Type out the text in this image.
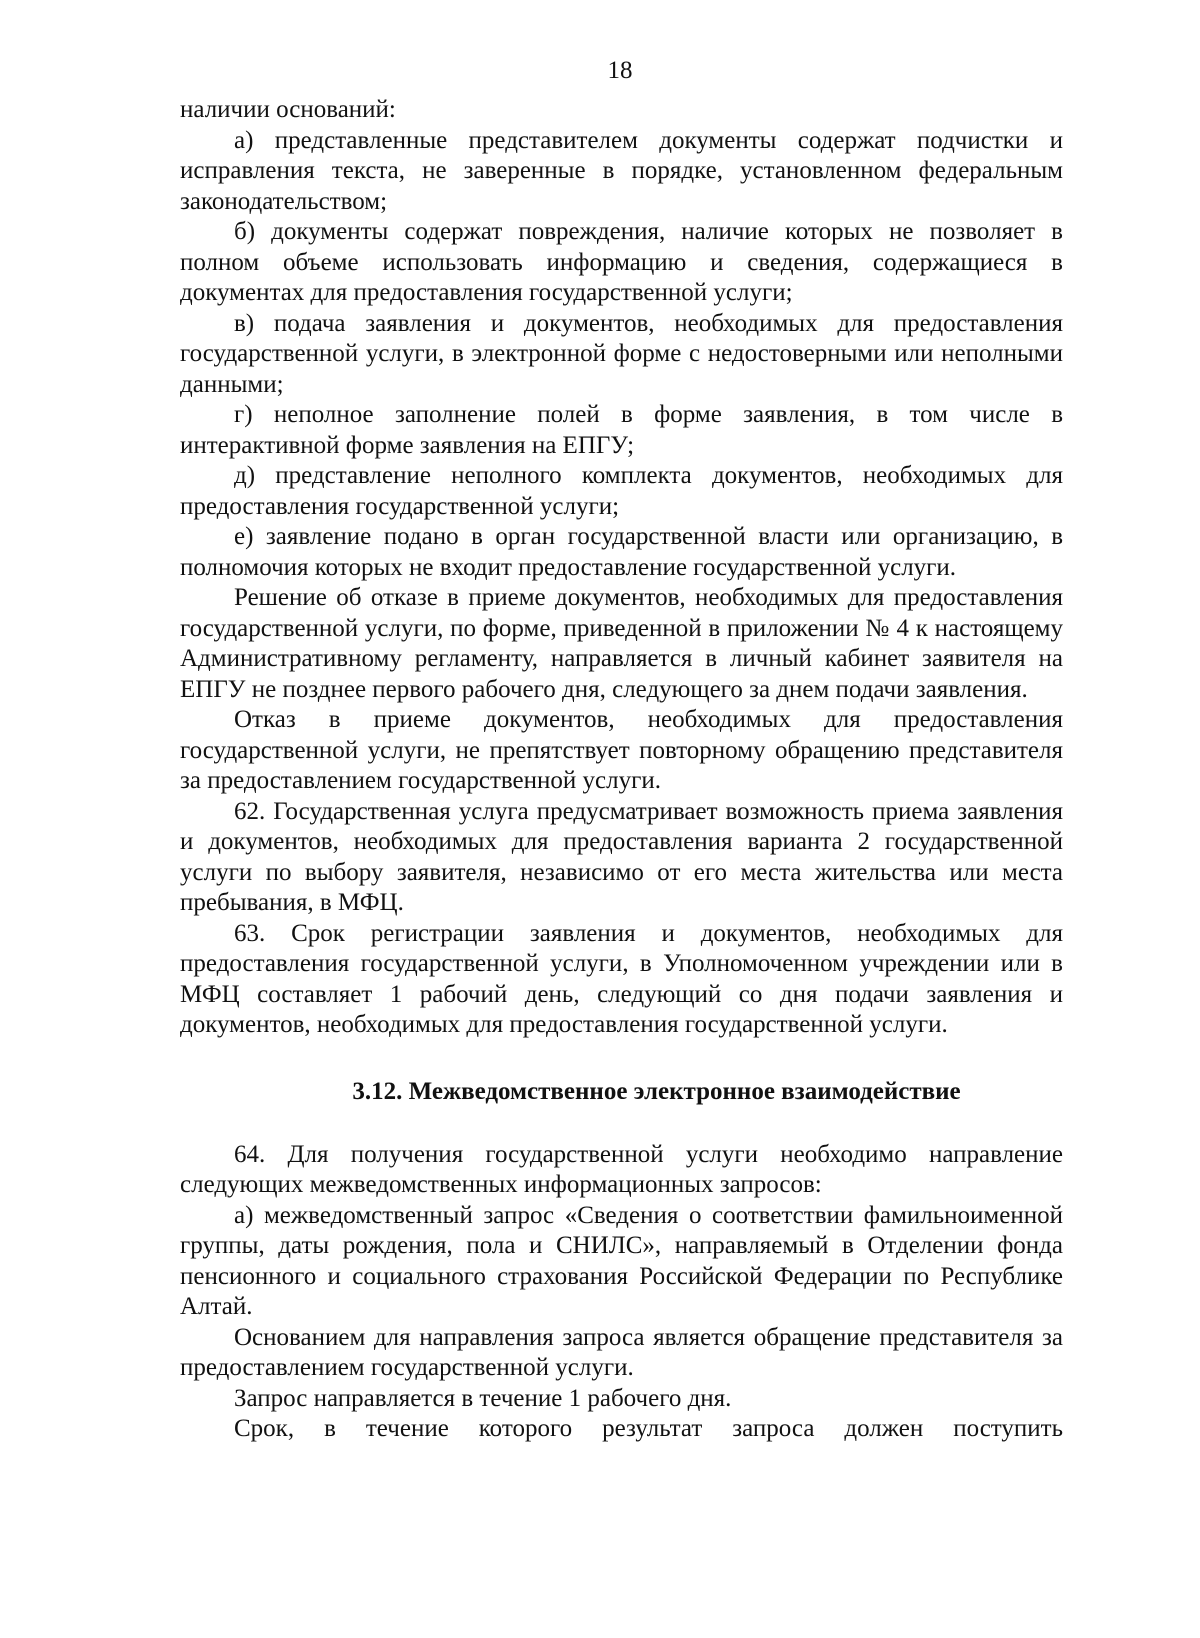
18

наличии оснований:

а) представленные представителем документы содержат подчистки и исправления текста, не заверенные в порядке, установленном федеральным законодательством;

б) документы содержат повреждения, наличие которых не позволяет в полном объеме использовать информацию и сведения, содержащиеся в документах для предоставления государственной услуги;

в) подача заявления и документов, необходимых для предоставления государственной услуги, в электронной форме с недостоверными или неполными данными;

г) неполное заполнение полей в форме заявления, в том числе в интерактивной форме заявления на ЕПГУ;

д) представление неполного комплекта документов, необходимых для предоставления государственной услуги;

е) заявление подано в орган государственной власти или организацию, в полномочия которых не входит предоставление государственной услуги.

Решение об отказе в приеме документов, необходимых для предоставления государственной услуги, по форме, приведенной в приложении № 4 к настоящему Административному регламенту, направляется в личный кабинет заявителя на ЕПГУ не позднее первого рабочего дня, следующего за днем подачи заявления.

Отказ в приеме документов, необходимых для предоставления государственной услуги, не препятствует повторному обращению представителя за предоставлением государственной услуги.

62. Государственная услуга предусматривает возможность приема заявления и документов, необходимых для предоставления варианта 2 государственной услуги по выбору заявителя, независимо от его места жительства или места пребывания, в МФЦ.

63. Срок регистрации заявления и документов, необходимых для предоставления государственной услуги, в Уполномоченном учреждении или в МФЦ составляет 1 рабочий день, следующий со дня подачи заявления и документов, необходимых для предоставления государственной услуги.

3.12. Межведомственное электронное взаимодействие

64. Для получения государственной услуги необходимо направление следующих межведомственных информационных запросов:

а) межведомственный запрос «Сведения о соответствии фамильноименной группы, даты рождения, пола и СНИЛС», направляемый в Отделении фонда пенсионного и социального страхования Российской Федерации по Республике Алтай.

Основанием для направления запроса является обращение представителя за предоставлением государственной услуги.

Запрос направляется в течение 1 рабочего дня.

Срок, в течение которого результат запроса должен поступить
